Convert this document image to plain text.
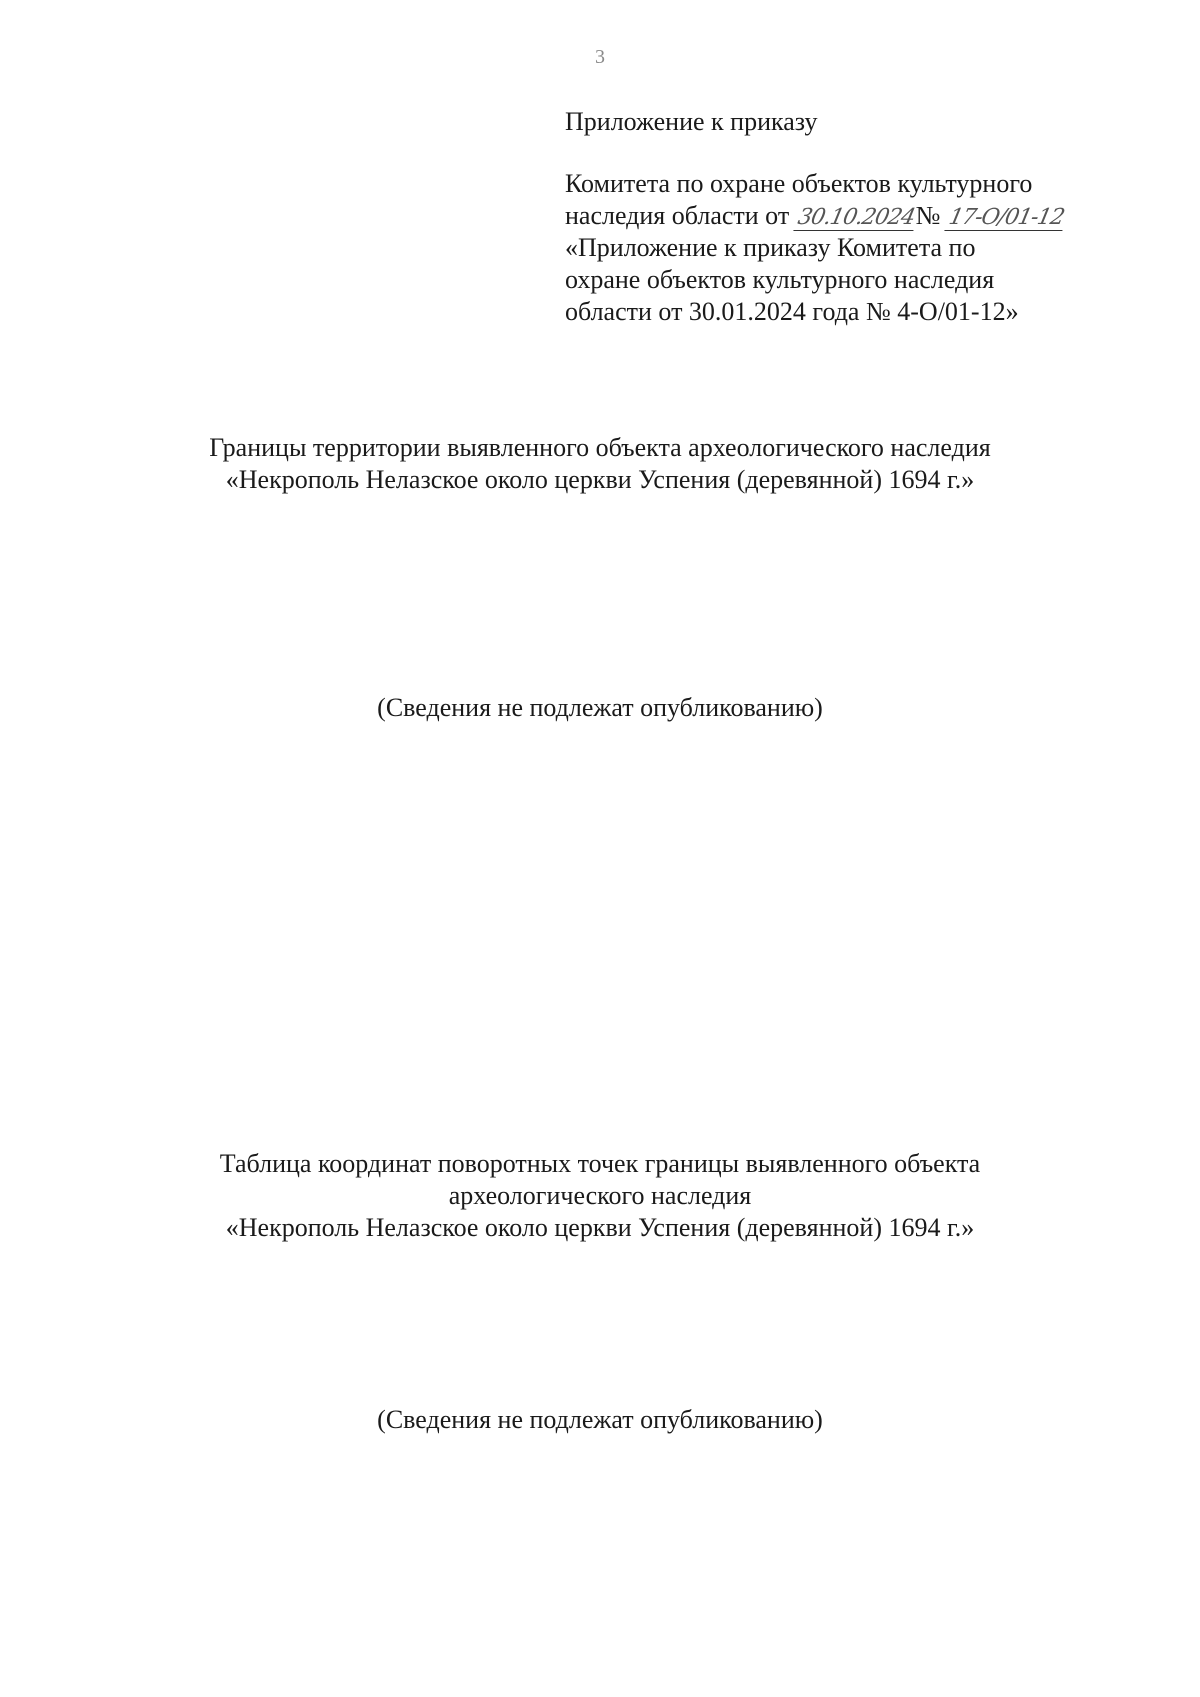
3
Приложение к приказу
Комитета по охране объектов культурного
наследия области от 30.10.2024№ 17-О/01-12
«Приложение к приказу Комитета по
охране объектов культурного наследия
области от 30.01.2024 года № 4-О/01-12»
Границы территории выявленного объекта археологического наследия
«Некрополь Нелазское около церкви Успения (деревянной) 1694 г.»
(Сведения не подлежат опубликованию)
Таблица координат поворотных точек границы выявленного объекта
археологического наследия
«Некрополь Нелазское около церкви Успения (деревянной) 1694 г.»
(Сведения не подлежат опубликованию)
